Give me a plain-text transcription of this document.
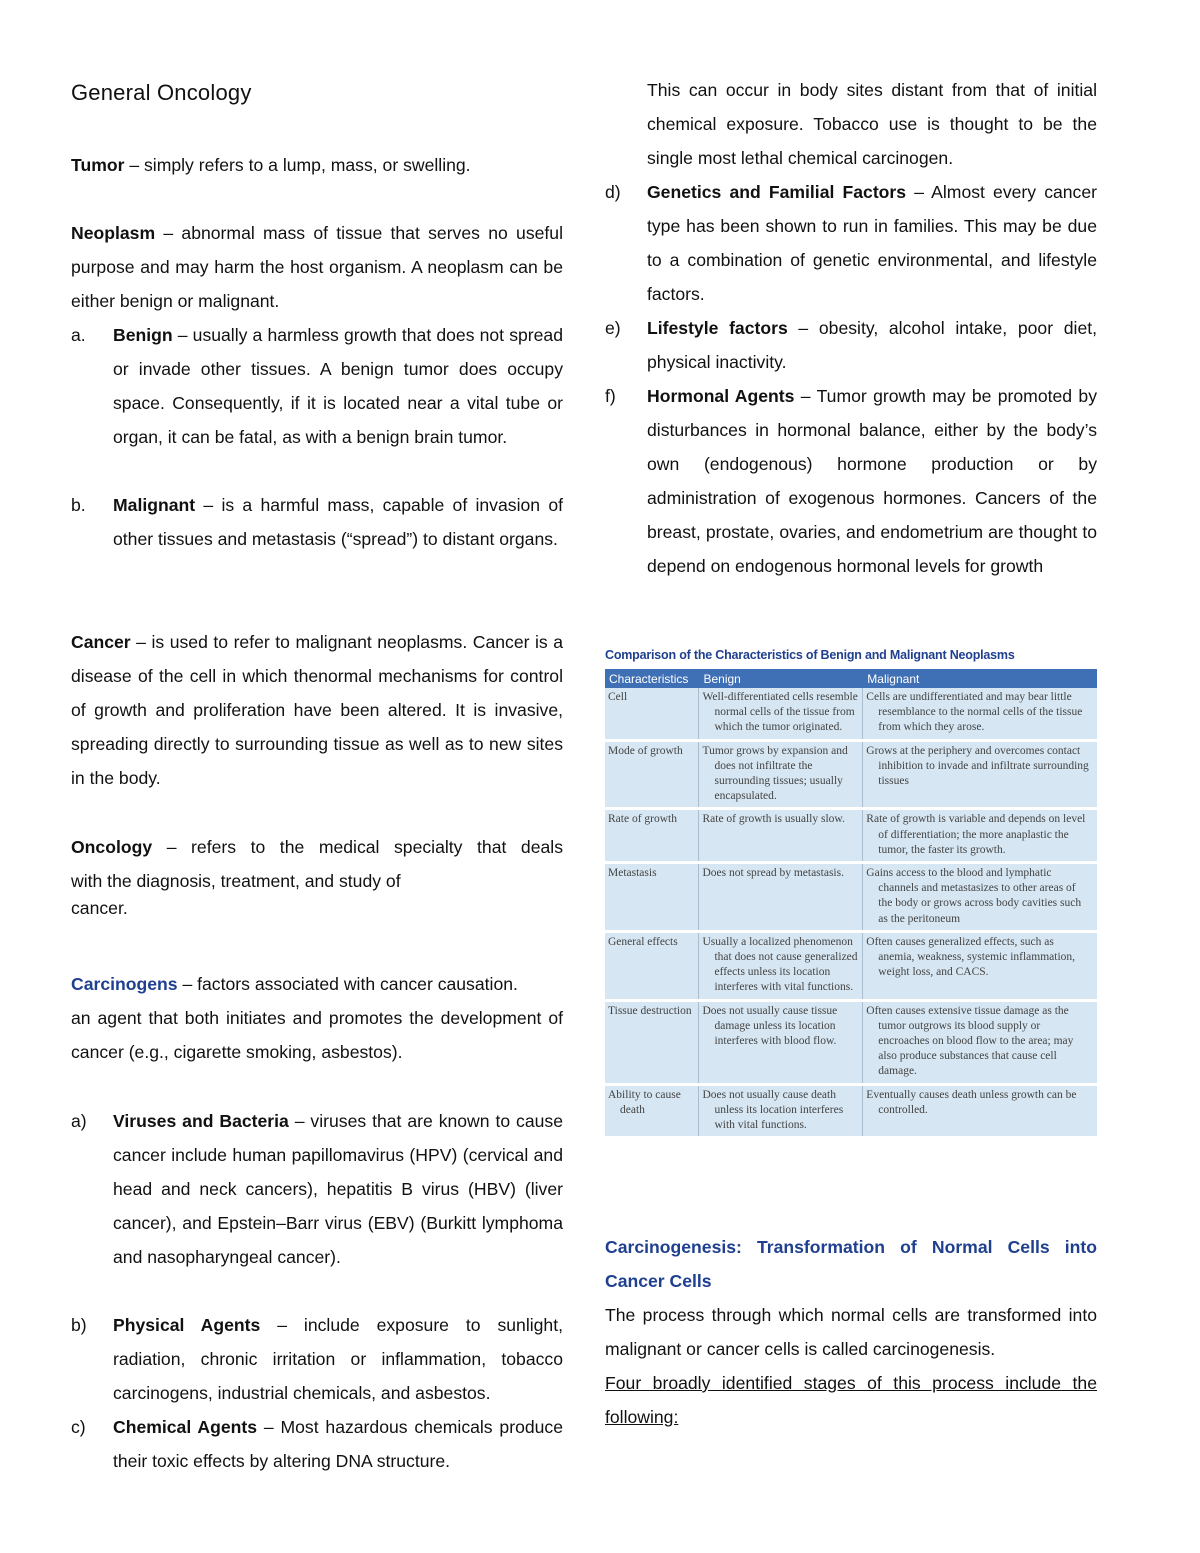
General Oncology
Tumor – simply refers to a lump, mass, or swelling.
Neoplasm – abnormal mass of tissue that serves no useful purpose and may harm the host organism. A neoplasm can be either benign or malignant.
a. Benign – usually a harmless growth that does not spread or invade other tissues. A benign tumor does occupy space. Consequently, if it is located near a vital tube or organ, it can be fatal, as with a benign brain tumor.
b. Malignant – is a harmful mass, capable of invasion of other tissues and metastasis (“spread”) to distant organs.
Cancer – is used to refer to malignant neoplasms. Cancer is a disease of the cell in which thenormal mechanisms for control of growth and proliferation have been altered. It is invasive, spreading directly to surrounding tissue as well as to new sites in the body.
Oncology – refers to the medical specialty that deals
with the diagnosis, treatment, and study of
cancer.
Carcinogens – factors associated with cancer causation.
an agent that both initiates and promotes the development of cancer (e.g., cigarette smoking, asbestos).
a) Viruses and Bacteria – viruses that are known to cause cancer include human papillomavirus (HPV) (cervical and head and neck cancers), hepatitis B virus (HBV) (liver cancer), and Epstein–Barr virus (EBV) (Burkitt lymphoma and nasopharyngeal cancer).
b) Physical Agents – include exposure to sunlight, radiation, chronic irritation or inflammation, tobacco carcinogens, industrial chemicals, and asbestos.
c) Chemical Agents – Most hazardous chemicals produce their toxic effects by altering DNA structure.
This can occur in body sites distant from that of initial chemical exposure. Tobacco use is thought to be the single most lethal chemical carcinogen.
d) Genetics and Familial Factors – Almost every cancer type has been shown to run in families. This may be due to a combination of genetic environmental, and lifestyle factors.
e) Lifestyle factors – obesity, alcohol intake, poor diet, physical inactivity.
f) Hormonal Agents – Tumor growth may be promoted by disturbances in hormonal balance, either by the body’s own (endogenous) hormone production or by administration of exogenous hormones. Cancers of the breast, prostate, ovaries, and endometrium are thought to depend on endogenous hormonal levels for growth
Comparison of the Characteristics of Benign and Malignant Neoplasms
Characteristics	Benign	Malignant

Cell	Well-differentiated cells resemble normal cells of the tissue from which the tumor originated.	Cells are undifferentiated and may bear little resemblance to the normal cells of the tissue from which they arose.

Mode of growth	Tumor grows by expansion and does not infiltrate the surrounding tissues; usually encapsulated.	Grows at the periphery and overcomes contact inhibition to invade and infiltrate surrounding tissues

Rate of growth	Rate of growth is usually slow.	Rate of growth is variable and depends on level of differentiation; the more anaplastic the tumor, the faster its growth.

Metastasis	Does not spread by metastasis.	Gains access to the blood and lymphatic channels and metastasizes to other areas of the body or grows across body cavities such as the peritoneum

General effects	Usually a localized phenomenon that does not cause generalized effects unless its location interferes with vital functions.	Often causes generalized effects, such as anemia, weakness, systemic inflammation, weight loss, and CACS.

Tissue destruction	Does not usually cause tissue damage unless its location interferes with blood flow.	Often causes extensive tissue damage as the tumor outgrows its blood supply or encroaches on blood flow to the area; may also produce substances that cause cell damage.

Ability to cause death	Does not usually cause death unless its location interferes with vital functions.	Eventually causes death unless growth can be controlled.
Carcinogenesis: Transformation of Normal Cells into Cancer Cells
The process through which normal cells are transformed into malignant or cancer cells is called carcinogenesis.
Four broadly identified stages of this process include the following:
